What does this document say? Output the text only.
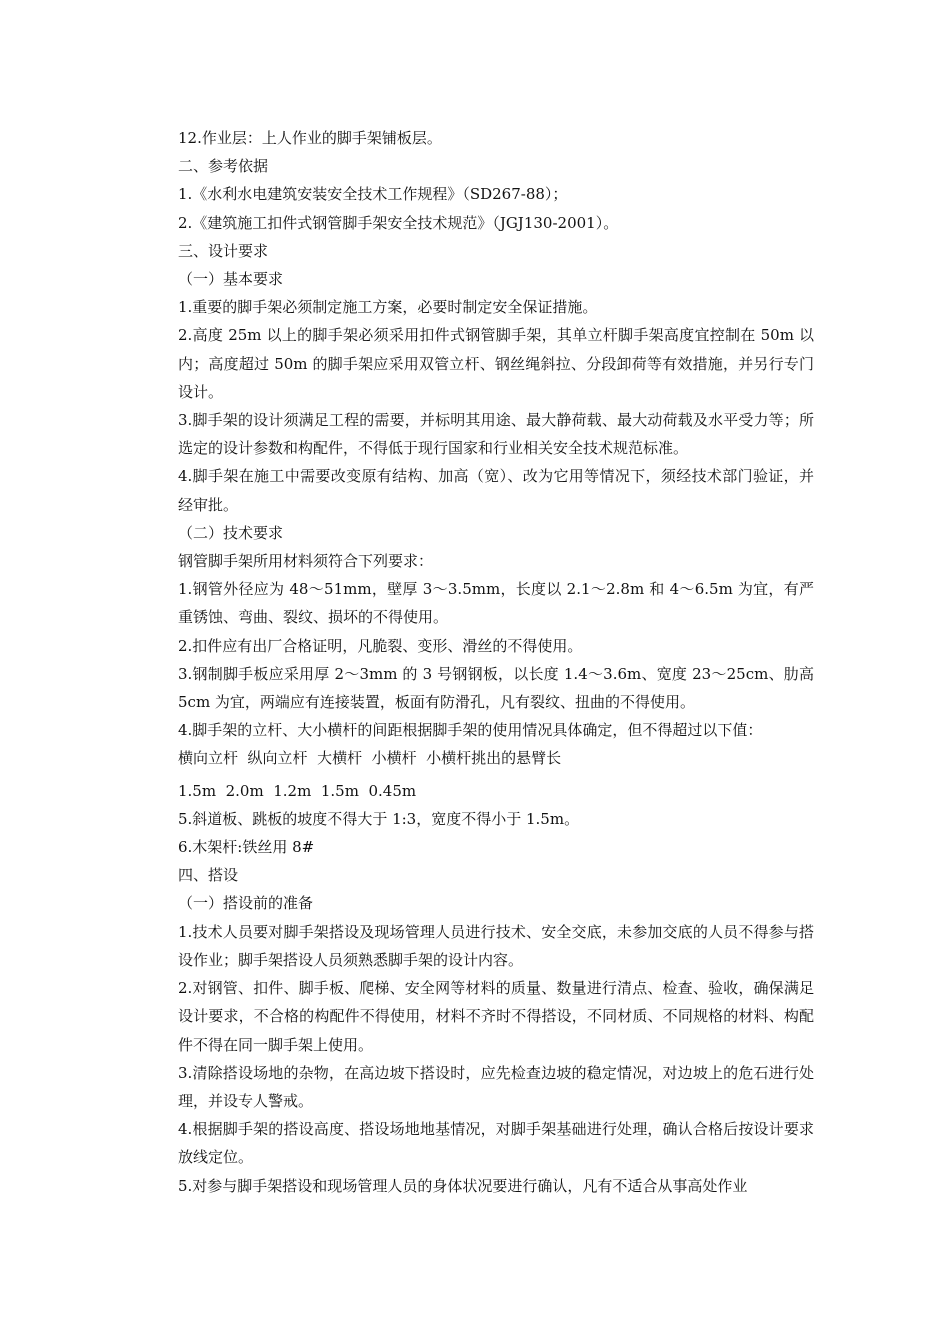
12.作业层：上人作业的脚手架铺板层。

二、参考依据

1.《水利水电建筑安装安全技术工作规程》（SD267-88）；

2.《建筑施工扣件式钢管脚手架安全技术规范》（JGJ130-2001）。

三、设计要求

（一）基本要求

1.重要的脚手架必须制定施工方案，必要时制定安全保证措施。

2.高度 25m 以上的脚手架必须采用扣件式钢管脚手架，其单立杆脚手架高度宜控制在 50m 以内；高度超过 50m 的脚手架应采用双管立杆、钢丝绳斜拉、分段卸荷等有效措施，并另行专门设计。

3.脚手架的设计须满足工程的需要，并标明其用途、最大静荷载、最大动荷载及水平受力等；所选定的设计参数和构配件，不得低于现行国家和行业相关安全技术规范标准。

4.脚手架在施工中需要改变原有结构、加高（宽）、改为它用等情况下，须经技术部门验证，并经审批。

（二）技术要求

钢管脚手架所用材料须符合下列要求：

1.钢管外径应为 48～51mm，壁厚 3～3.5mm，长度以 2.1～2.8m 和 4～6.5m 为宜，有严重锈蚀、弯曲、裂纹、损坏的不得使用。

2.扣件应有出厂合格证明，凡脆裂、变形、滑丝的不得使用。

3.钢制脚手板应采用厚 2～3mm 的 3 号钢钢板，以长度 1.4～3.6m、宽度 23～25cm、肋高 5cm 为宜，两端应有连接装置，板面有防滑孔，凡有裂纹、扭曲的不得使用。

4.脚手架的立杆、大小横杆的间距根据脚手架的使用情况具体确定，但不得超过以下值：

横向立杆  纵向立杆  大横杆  小横杆  小横杆挑出的悬臂长

1.5m  2.0m  1.2m  1.5m  0.45m

5.斜道板、跳板的坡度不得大于 1:3，宽度不得小于 1.5m。

6.木架杆:铁丝用 8#

四、搭设

（一）搭设前的准备

1.技术人员要对脚手架搭设及现场管理人员进行技术、安全交底，未参加交底的人员不得参与搭设作业；脚手架搭设人员须熟悉脚手架的设计内容。

2.对钢管、扣件、脚手板、爬梯、安全网等材料的质量、数量进行清点、检查、验收，确保满足设计要求，不合格的构配件不得使用，材料不齐时不得搭设，不同材质、不同规格的材料、构配件不得在同一脚手架上使用。

3.清除搭设场地的杂物，在高边坡下搭设时，应先检查边坡的稳定情况，对边坡上的危石进行处理，并设专人警戒。

4.根据脚手架的搭设高度、搭设场地地基情况，对脚手架基础进行处理，确认合格后按设计要求放线定位。

5.对参与脚手架搭设和现场管理人员的身体状况要进行确认，凡有不适合从事高处作业
